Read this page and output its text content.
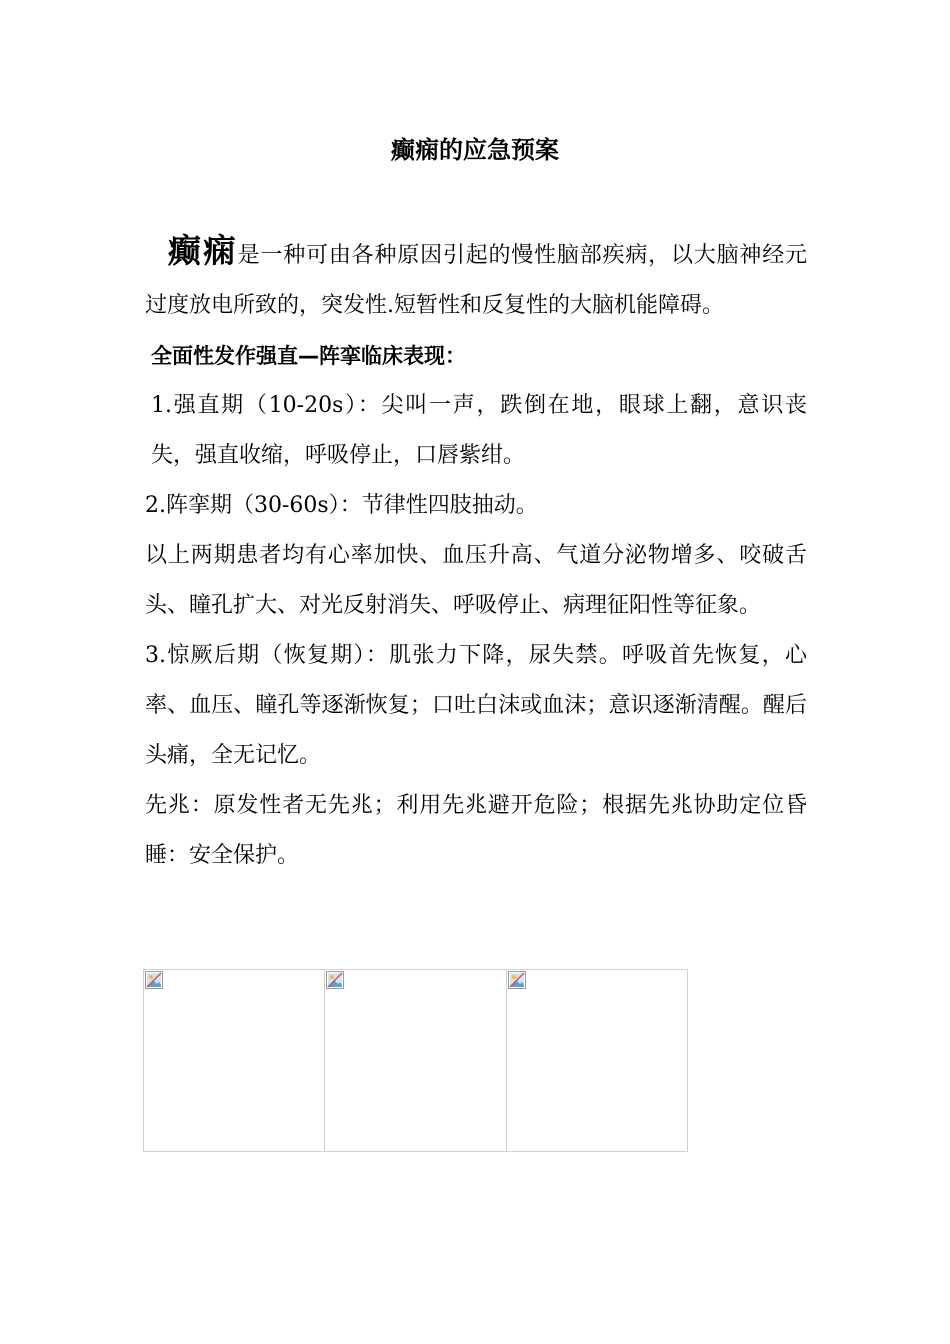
癫痫的应急预案

癫痫是一种可由各种原因引起的慢性脑部疾病，以大脑神经元过度放电所致的，突发性.短暂性和反复性的大脑机能障碍。

全面性发作强直—阵挛临床表现：

1.强直期（10-20s）：尖叫一声，跌倒在地，眼球上翻，意识丧失，强直收缩，呼吸停止，口唇紫绀。

2.阵挛期（30-60s）：节律性四肢抽动。

以上两期患者均有心率加快、血压升高、气道分泌物增多、咬破舌头、瞳孔扩大、对光反射消失、呼吸停止、病理征阳性等征象。

3.惊厥后期（恢复期）：肌张力下降，尿失禁。呼吸首先恢复，心率、血压、瞳孔等逐渐恢复；口吐白沫或血沫；意识逐渐清醒。醒后头痛，全无记忆。

先兆：原发性者无先兆；利用先兆避开危险；根据先兆协助定位昏睡：安全保护。
